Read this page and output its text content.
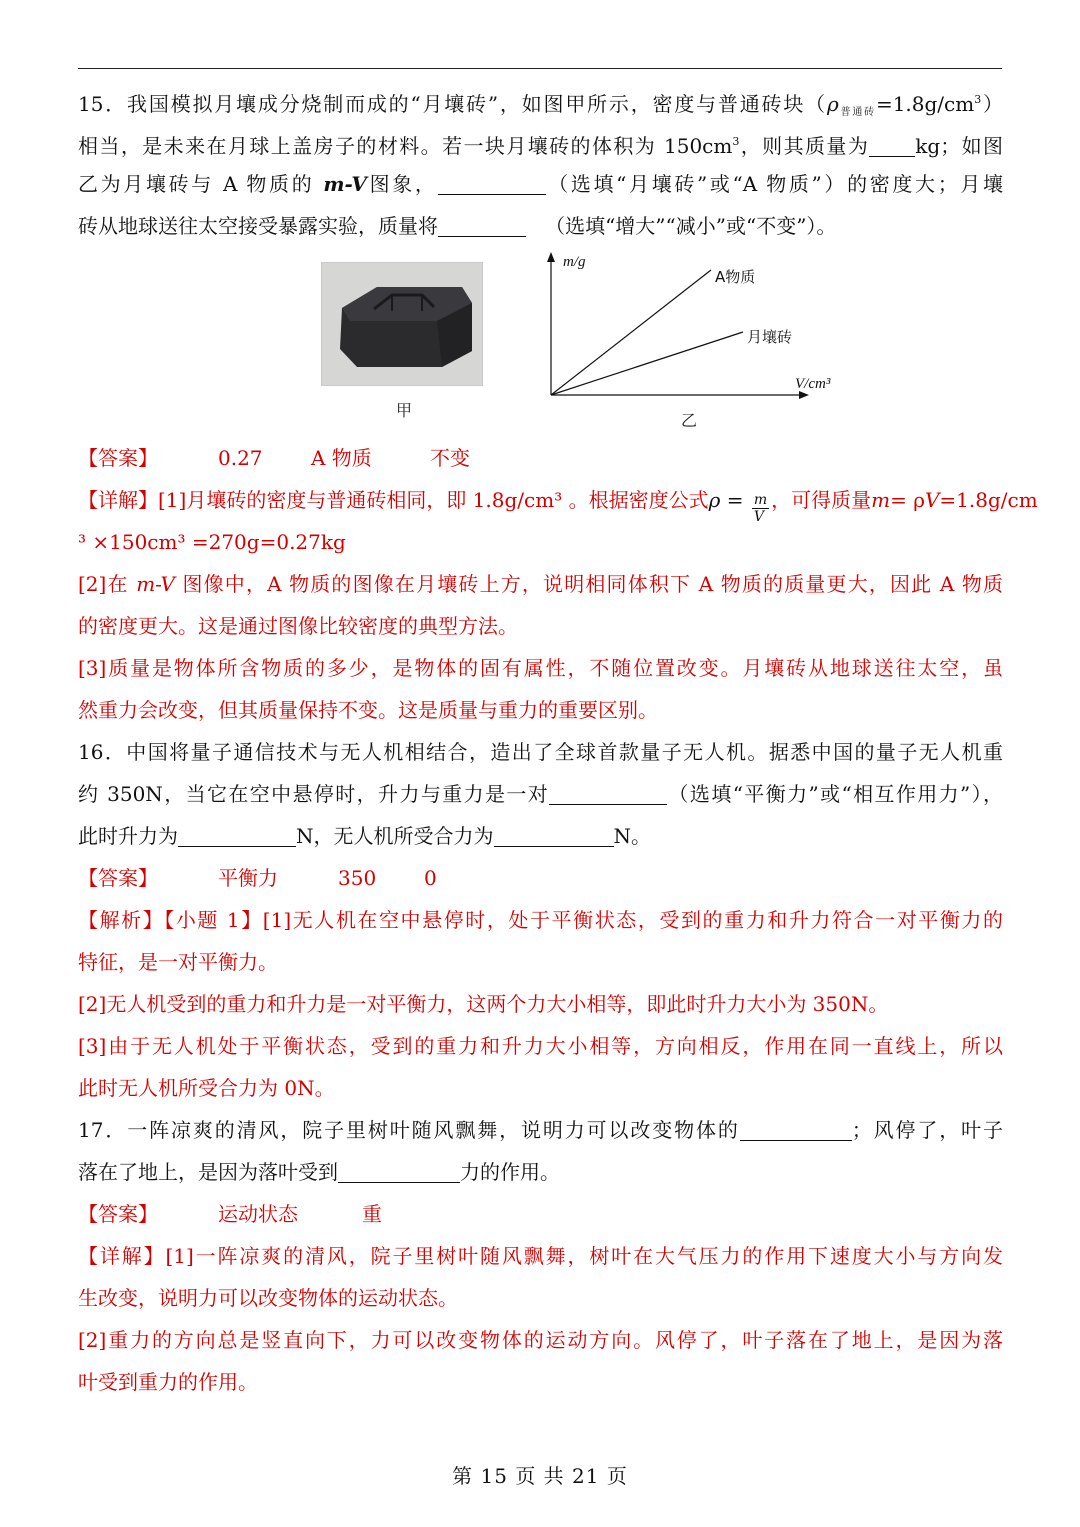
15．我国模拟月壤成分烧制而成的“月壤砖”，如图甲所示，密度与普通砖块$(\rho_{普通砖}=1.8g/cm^3)$
相当，是未来在月球上盖房子的材料。若一块月壤砖的体积为 $150cm^3$，则其质量为 kg；如图
乙为月壤砖与 A 物质的 m-V图象，	（选填“月壤砖”或“A 物质”）的密度大；月壤
砖从地球送往太空接受暴露实验，质量将	（选填“增大”“减小”或“不变”）。
甲
m/g
A物质
月壤砖
V/cm³
乙
【答案】	0.27 A 物质	不变
【详解】[1]月壤砖的密度与普通砖相同，即 1.8g/cm³ 。根据密度公式$\rho = \frac{m}{V}$ ，可得质量m= ρV=1.8g/cm
³ ×150cm³ =270g=0.27kg
[2]在 m-V 图像中，A 物质的图像在月壤砖上方，说明相同体积下 A 物质的质量更大，因此 A 物质
的密度更大。这是通过图像比较密度的典型方法。
[3]质量是物体所含物质的多少，是物体的固有属性，不随位置改变。月壤砖从地球送往太空，虽
然重力会改变，但其质量保持不变。这是质量与重力的重要区别。
16．中国将量子通信技术与无人机相结合，造出了全球首款量子无人机。据悉中国的量子无人机重
约 350N，当它在空中悬停时，升力与重力是一对	（选填“平衡力”或“相互作用力”），
此时升力为	N，无人机所受合力为	N。
【答案】	平衡力	350 0
【解析】【小题 1】[1]无人机在空中悬停时，处于平衡状态，受到的重力和升力符合一对平衡力的
特征，是一对平衡力。
[2]无人机受到的重力和升力是一对平衡力，这两个力大小相等，即此时升力大小为 350N。
[3]由于无人机处于平衡状态，受到的重力和升力大小相等，方向相反，作用在同一直线上，所以
此时无人机所受合力为 0N。
17．一阵凉爽的清风，院子里树叶随风飘舞，说明力可以改变物体的	；风停了，叶子
落在了地上，是因为落叶受到	力的作用。
【答案】	运动状态	重
【详解】[1]一阵凉爽的清风，院子里树叶随风飘舞，树叶在大气压力的作用下速度大小与方向发
生改变，说明力可以改变物体的运动状态。
[2]重力的方向总是竖直向下，力可以改变物体的运动方向。风停了，叶子落在了地上，是因为落
叶受到重力的作用。
第 15 页 共 21 页
